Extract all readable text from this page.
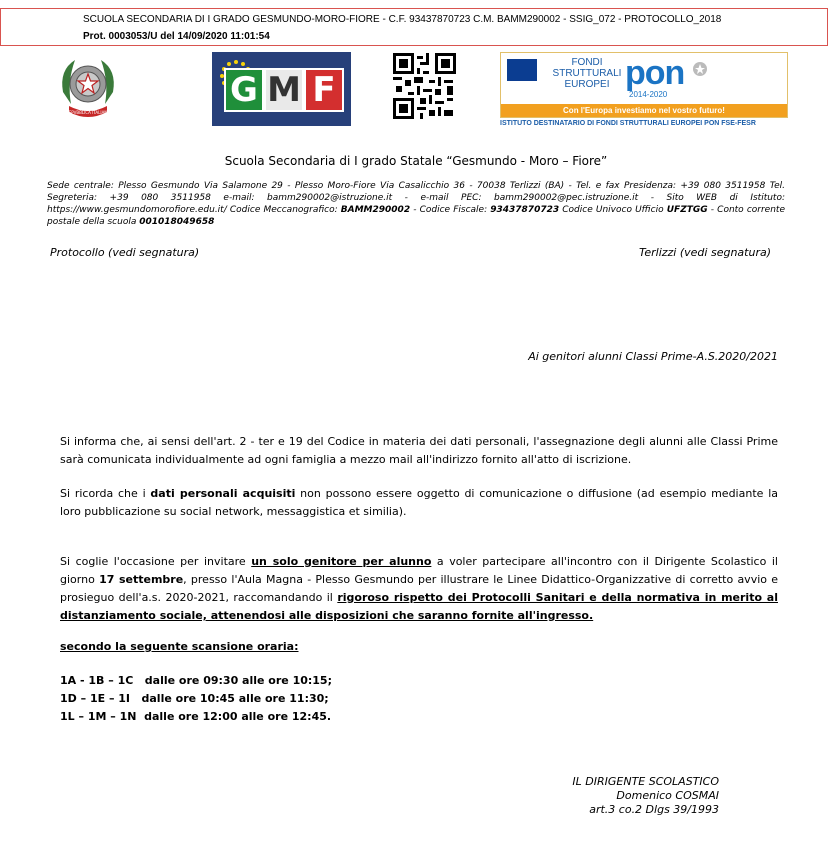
SCUOLA SECONDARIA DI I GRADO GESMUNDO-MORO-FIORE - C.F. 93437870723 C.M. BAMM290002 - SSIG_072 - PROTOCOLLO_2018
Prot. 0003053/U del 14/09/2020 11:01:54
REPVBBLICA ITALIANA
G M F
FONDI STRUTTURALI EUROPEI pon
2014-2020
Con l'Europa investiamo nel vostro futuro!
ISTITUTO DESTINATARIO DI FONDI STRUTTURALI EUROPEI PON FSE-FESR
Scuola Secondaria di I grado Statale “Gesmundo - Moro – Fiore”
Sede centrale: Plesso Gesmundo Via Salamone 29 - Plesso Moro-Fiore Via Casalicchio 36 - 70038 Terlizzi (BA) - Tel. e fax Presidenza: +39 080 3511958 Tel. Segreteria: +39 080 3511958 e-mail: bamm290002@istruzione.it - e-mail PEC: bamm290002@pec.istruzione.it - Sito WEB di Istituto: https://www.gesmundomorofiore.edu.it/ Codice Meccanografico: BAMM290002 - Codice Fiscale: 93437870723 Codice Univoco Ufficio UFZTGG - Conto corrente postale della scuola 001018049658
Protocollo (vedi segnatura)	Terlizzi (vedi segnatura)
Ai genitori alunni Classi Prime-A.S.2020/2021
Si informa che, ai sensi dell'art. 2 - ter e 19 del Codice in materia dei dati personali, l'assegnazione degli alunni alle Classi Prime sarà comunicata individualmente ad ogni famiglia a mezzo mail all'indirizzo fornito all'atto di iscrizione.
Si ricorda che i dati personali acquisiti non possono essere oggetto di comunicazione o diffusione (ad esempio mediante la loro pubblicazione su social network, messaggistica et similia).
Si coglie l'occasione per invitare un solo genitore per alunno a voler partecipare all'incontro con il Dirigente Scolastico il giorno 17 settembre, presso l'Aula Magna - Plesso Gesmundo per illustrare le Linee Didattico-Organizzative di corretto avvio e prosieguo dell'a.s. 2020-2021, raccomandando il rigoroso rispetto dei Protocolli Sanitari e della normativa in merito al distanziamento sociale, attenendosi alle disposizioni che saranno fornite all'ingresso.
secondo la seguente scansione oraria:
1A - 1B – 1C   dalle ore 09:30 alle ore 10:15;
1D – 1E – 1I   dalle ore 10:45 alle ore 11:30;
1L – 1M – 1N  dalle ore 12:00 alle ore 12:45.
IL DIRIGENTE SCOLASTICO
Domenico COSMAI
art.3 co.2 Dlgs 39/1993
